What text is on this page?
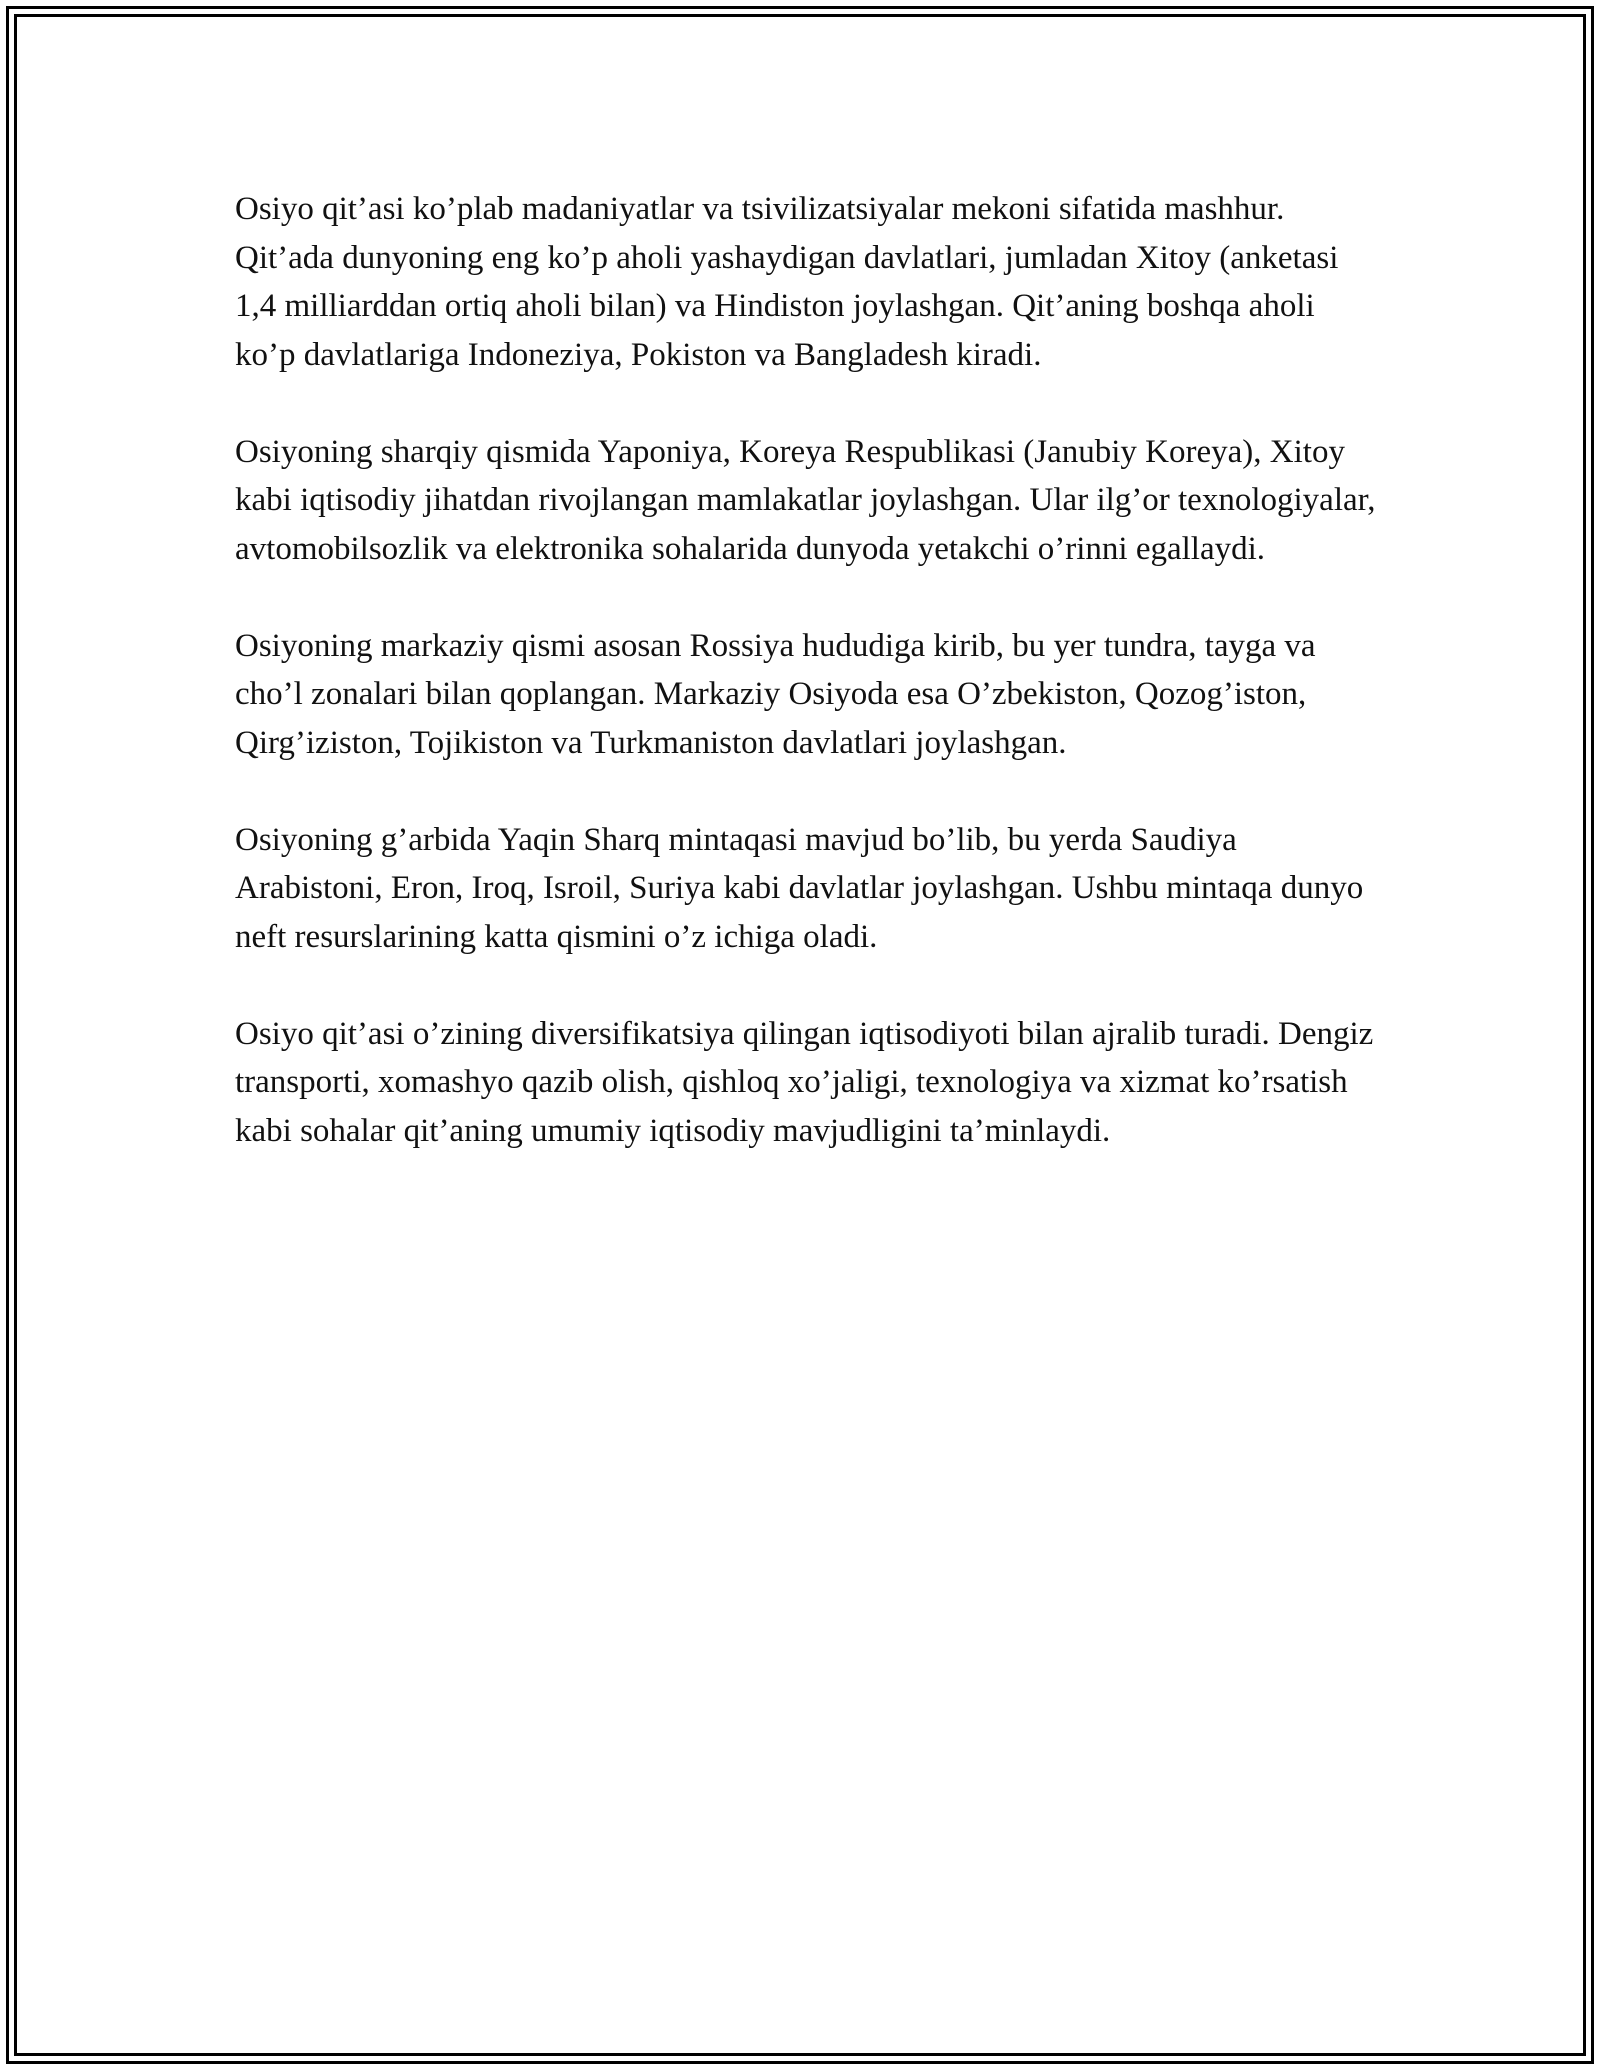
Osiyo qit’asi ko’plab madaniyatlar va tsivilizatsiyalar mekoni sifatida mashhur. Qit’ada dunyoning eng ko’p aholi yashaydigan davlatlari, jumladan Xitoy (anketasi 1,4 milliarddan ortiq aholi bilan) va Hindiston joylashgan. Qit’aning boshqa aholi ko’p davlatlariga Indoneziya, Pokiston va Bangladesh kiradi.

Osiyoning sharqiy qismida Yaponiya, Koreya Respublikasi (Janubiy Koreya), Xitoy kabi iqtisodiy jihatdan rivojlangan mamlakatlar joylashgan. Ular ilg’or texnologiyalar, avtomobilsozlik va elektronika sohalarida dunyoda yetakchi o’rinni egallaydi.

Osiyoning markaziy qismi asosan Rossiya hududiga kirib, bu yer tundra, tayga va cho’l zonalari bilan qoplangan. Markaziy Osiyoda esa O’zbekiston, Qozog’iston, Qirg’iziston, Tojikiston va Turkmaniston davlatlari joylashgan.

Osiyoning g’arbida Yaqin Sharq mintaqasi mavjud bo’lib, bu yerda Saudiya Arabistoni, Eron, Iroq, Isroil, Suriya kabi davlatlar joylashgan. Ushbu mintaqa dunyo neft resurslarining katta qismini o’z ichiga oladi.

Osiyo qit’asi o’zining diversifikatsiya qilingan iqtisodiyoti bilan ajralib turadi. Dengiz transporti, xomashyo qazib olish, qishloq xo’jaligi, texnologiya va xizmat ko’rsatish kabi sohalar qit’aning umumiy iqtisodiy mavjudligini ta’minlaydi.
